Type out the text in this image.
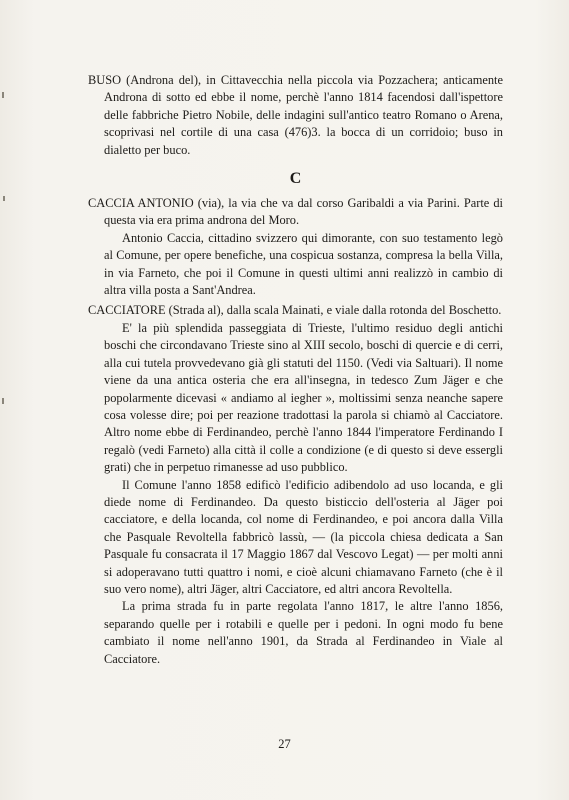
BUSO (Androna del), in Cittavecchia nella piccola via Pozzachera; anticamente Androna di sotto ed ebbe il nome, perchè l'anno 1814 facendosi dall'ispettore delle fabbriche Pietro Nobile, delle indagini sull'antico teatro Romano o Arena, scoprivasi nel cortile di una casa (476)3. la bocca di un corridoio; buso in dialetto per buco.

C

CACCIA ANTONIO (via), la via che va dal corso Garibaldi a via Parini. Parte di questa via era prima androna del Moro.

Antonio Caccia, cittadino svizzero qui dimorante, con suo testamento legò al Comune, per opere benefiche, una cospicua sostanza, compresa la bella Villa, in via Farneto, che poi il Comune in questi ultimi anni realizzò in cambio di altra villa posta a Sant'Andrea.

CACCIATORE (Strada al), dalla scala Mainati, e viale dalla rotonda del Boschetto.

E' la più splendida passeggiata di Trieste, l'ultimo residuo degli antichi boschi che circondavano Trieste sino al XIII secolo, boschi di quercie e di cerri, alla cui tutela provvedevano già gli statuti del 1150. (Vedi via Saltuari). Il nome viene da una antica osteria che era all'insegna, in tedesco Zum Jäger e che popolarmente dicevasi « andiamo al iegher », moltissimi senza neanche sapere cosa volesse dire; poi per reazione tradottasi la parola si chiamò al Cacciatore. Altro nome ebbe di Ferdinandeo, perchè l'anno 1844 l'imperatore Ferdinando I regalò (vedi Farneto) alla città il colle a condizione (e di questo si deve essergli grati) che in perpetuo rimanesse ad uso pubblico.

Il Comune l'anno 1858 edificò l'edificio adibendolo ad uso locanda, e gli diede nome di Ferdinandeo. Da questo bisticcio dell'osteria al Jäger poi cacciatore, e della locanda, col nome di Ferdinandeo, e poi ancora dalla Villa che Pasquale Revoltella fabbricò lassù, — (la piccola chiesa dedicata a San Pasquale fu consacrata il 17 Maggio 1867 dal Vescovo Legat) — per molti anni si adoperavano tutti quattro i nomi, e cioè alcuni chiamavano Farneto (che è il suo vero nome), altri Jäger, altri Cacciatore, ed altri ancora Revoltella.

La prima strada fu in parte regolata l'anno 1817, le altre l'anno 1856, separando quelle per i rotabili e quelle per i pedoni. In ogni modo fu bene cambiato il nome nell'anno 1901, da Strada al Ferdinandeo in Viale al Cacciatore.

27
